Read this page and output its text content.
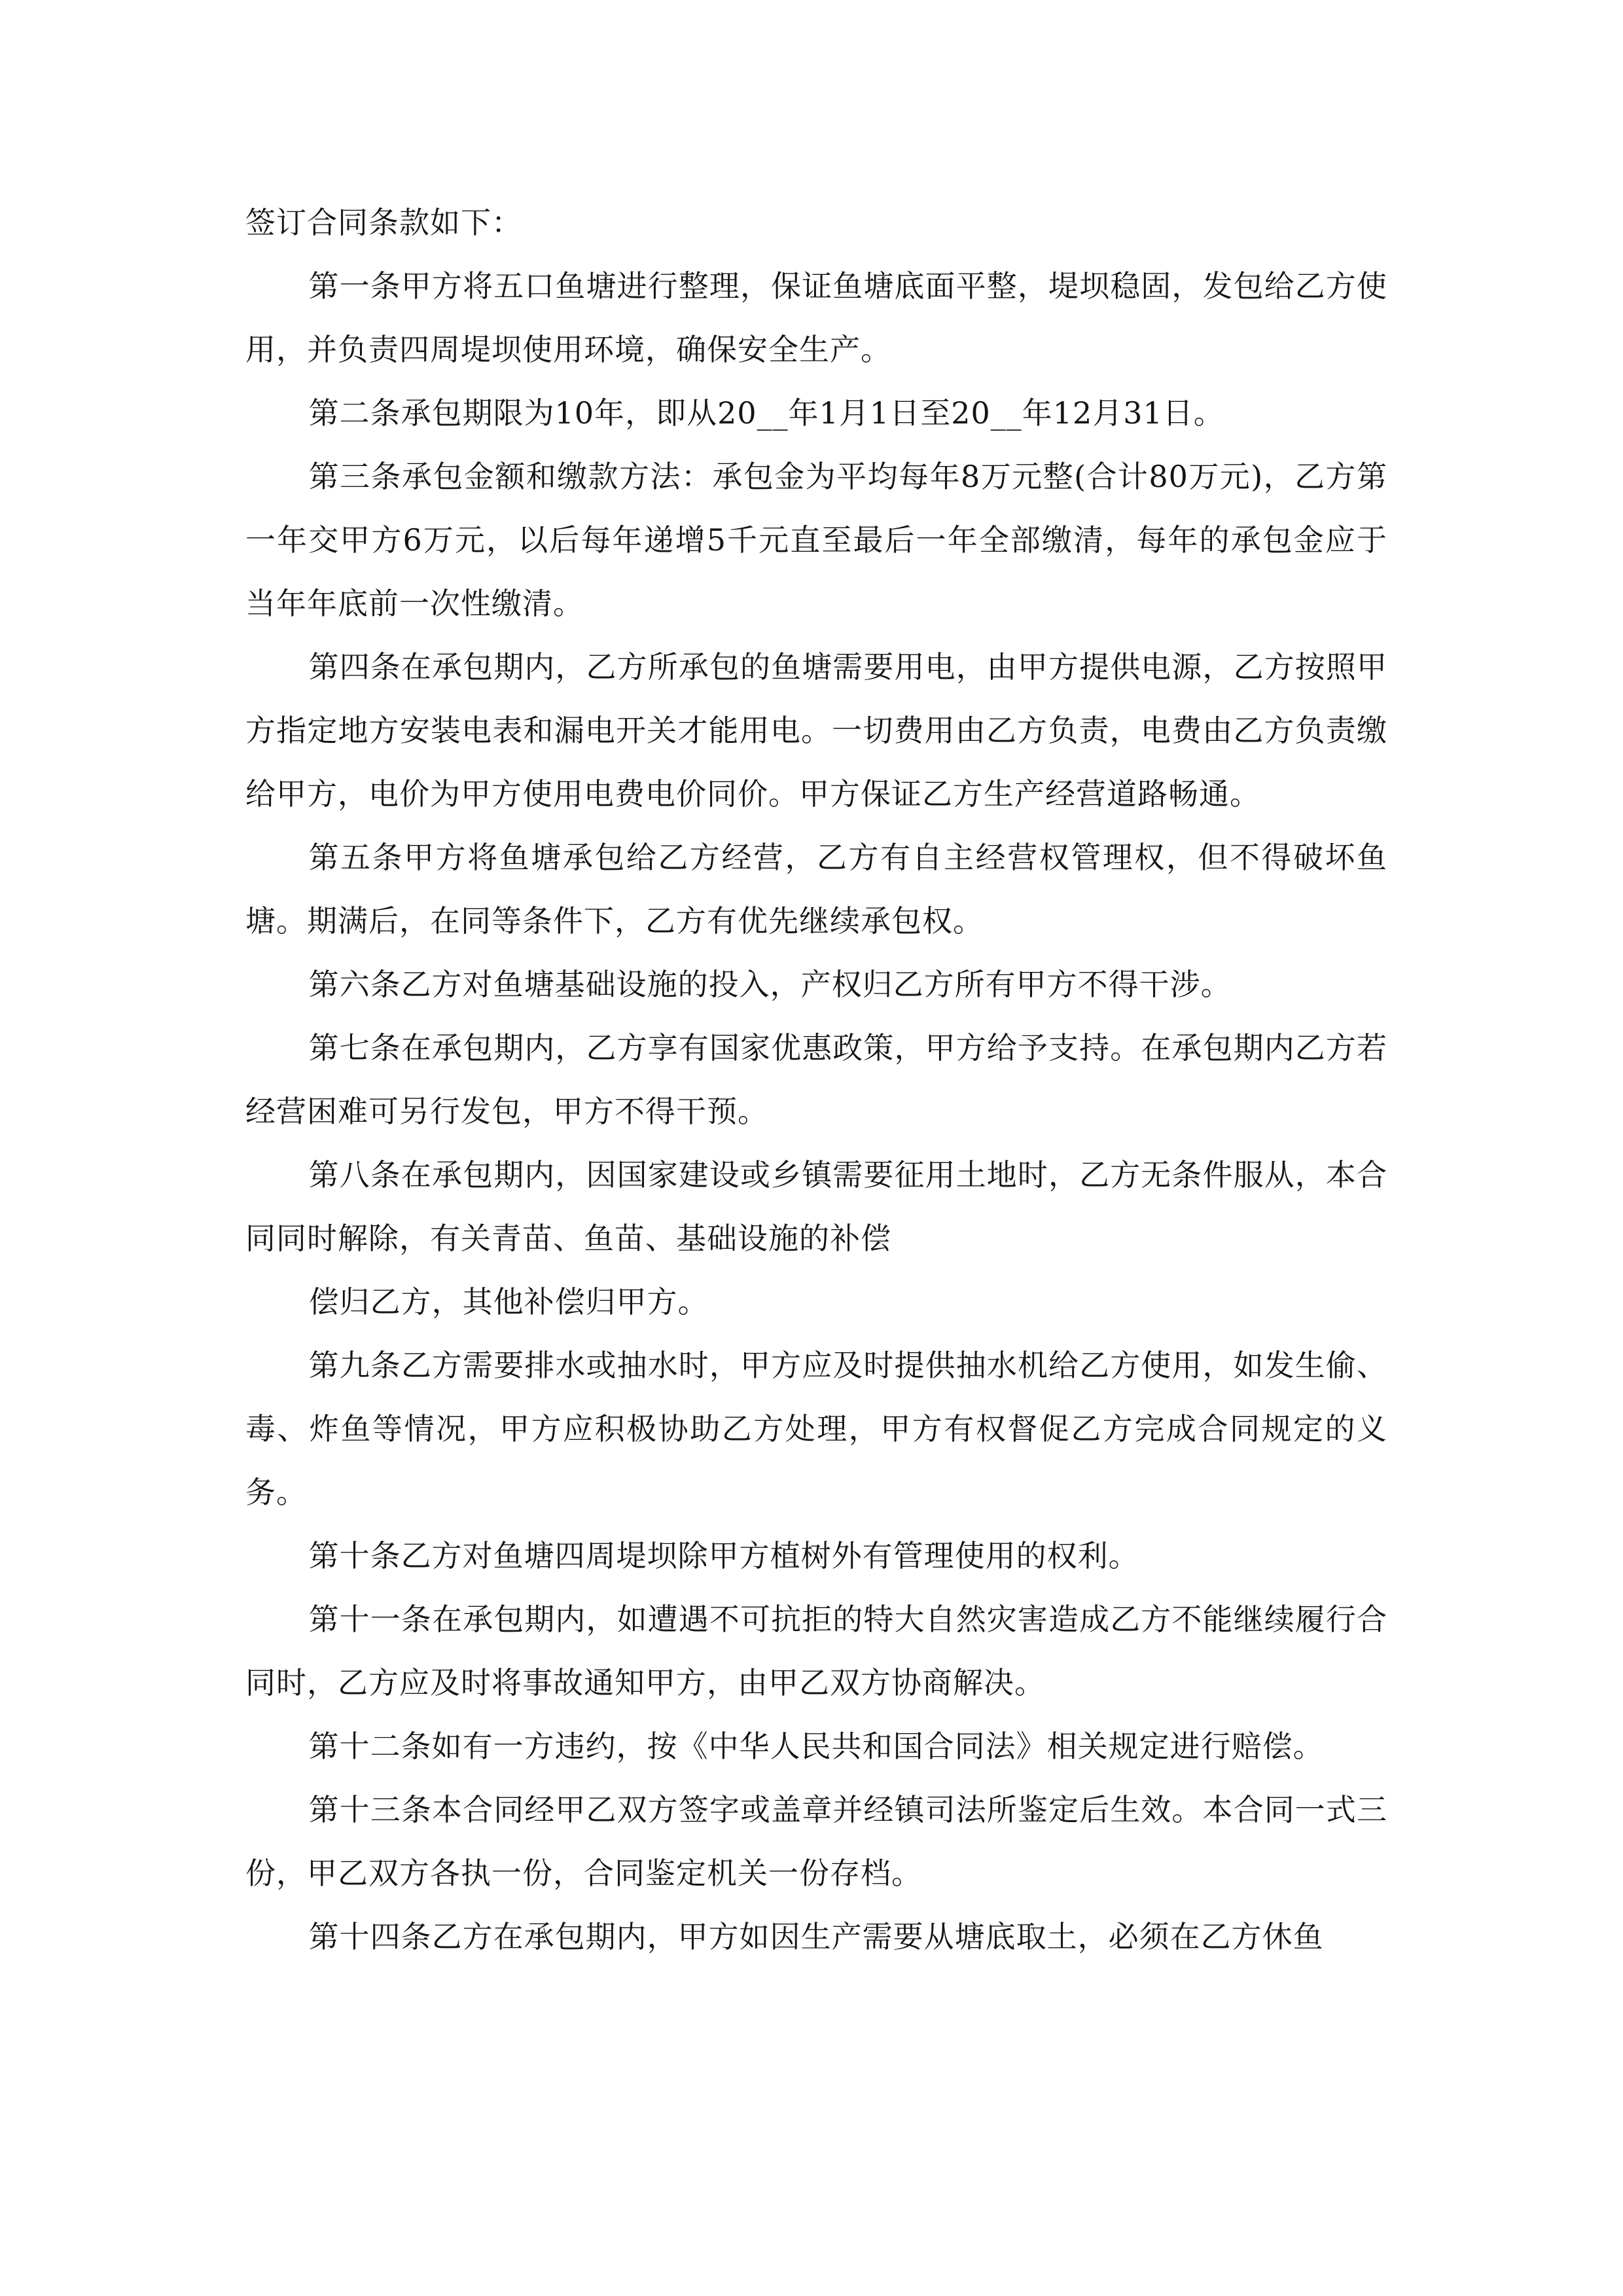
签订合同条款如下：

第一条甲方将五口鱼塘进行整理，保证鱼塘底面平整，堤坝稳固，发包给乙方使用，并负责四周堤坝使用环境，确保安全生产。

第二条承包期限为10年，即从20__年1月1日至20__年12月31日。

第三条承包金额和缴款方法：承包金为平均每年8万元整(合计80万元)，乙方第一年交甲方6万元，以后每年递增5千元直至最后一年全部缴清，每年的承包金应于当年年底前一次性缴清。

第四条在承包期内，乙方所承包的鱼塘需要用电，由甲方提供电源，乙方按照甲方指定地方安装电表和漏电开关才能用电。一切费用由乙方负责，电费由乙方负责缴给甲方，电价为甲方使用电费电价同价。甲方保证乙方生产经营道路畅通。

第五条甲方将鱼塘承包给乙方经营，乙方有自主经营权管理权，但不得破坏鱼塘。期满后，在同等条件下，乙方有优先继续承包权。

第六条乙方对鱼塘基础设施的投入，产权归乙方所有甲方不得干涉。

第七条在承包期内，乙方享有国家优惠政策，甲方给予支持。在承包期内乙方若经营困难可另行发包，甲方不得干预。

第八条在承包期内，因国家建设或乡镇需要征用土地时，乙方无条件服从，本合同同时解除，有关青苗、鱼苗、基础设施的补偿

偿归乙方，其他补偿归甲方。

第九条乙方需要排水或抽水时，甲方应及时提供抽水机给乙方使用，如发生偷、毒、炸鱼等情况，甲方应积极协助乙方处理，甲方有权督促乙方完成合同规定的义务。

第十条乙方对鱼塘四周堤坝除甲方植树外有管理使用的权利。

第十一条在承包期内，如遭遇不可抗拒的特大自然灾害造成乙方不能继续履行合同时，乙方应及时将事故通知甲方，由甲乙双方协商解决。

第十二条如有一方违约，按《中华人民共和国合同法》相关规定进行赔偿。

第十三条本合同经甲乙双方签字或盖章并经镇司法所鉴定后生效。本合同一式三份，甲乙双方各执一份，合同鉴定机关一份存档。

第十四条乙方在承包期内，甲方如因生产需要从塘底取土，必须在乙方休鱼
